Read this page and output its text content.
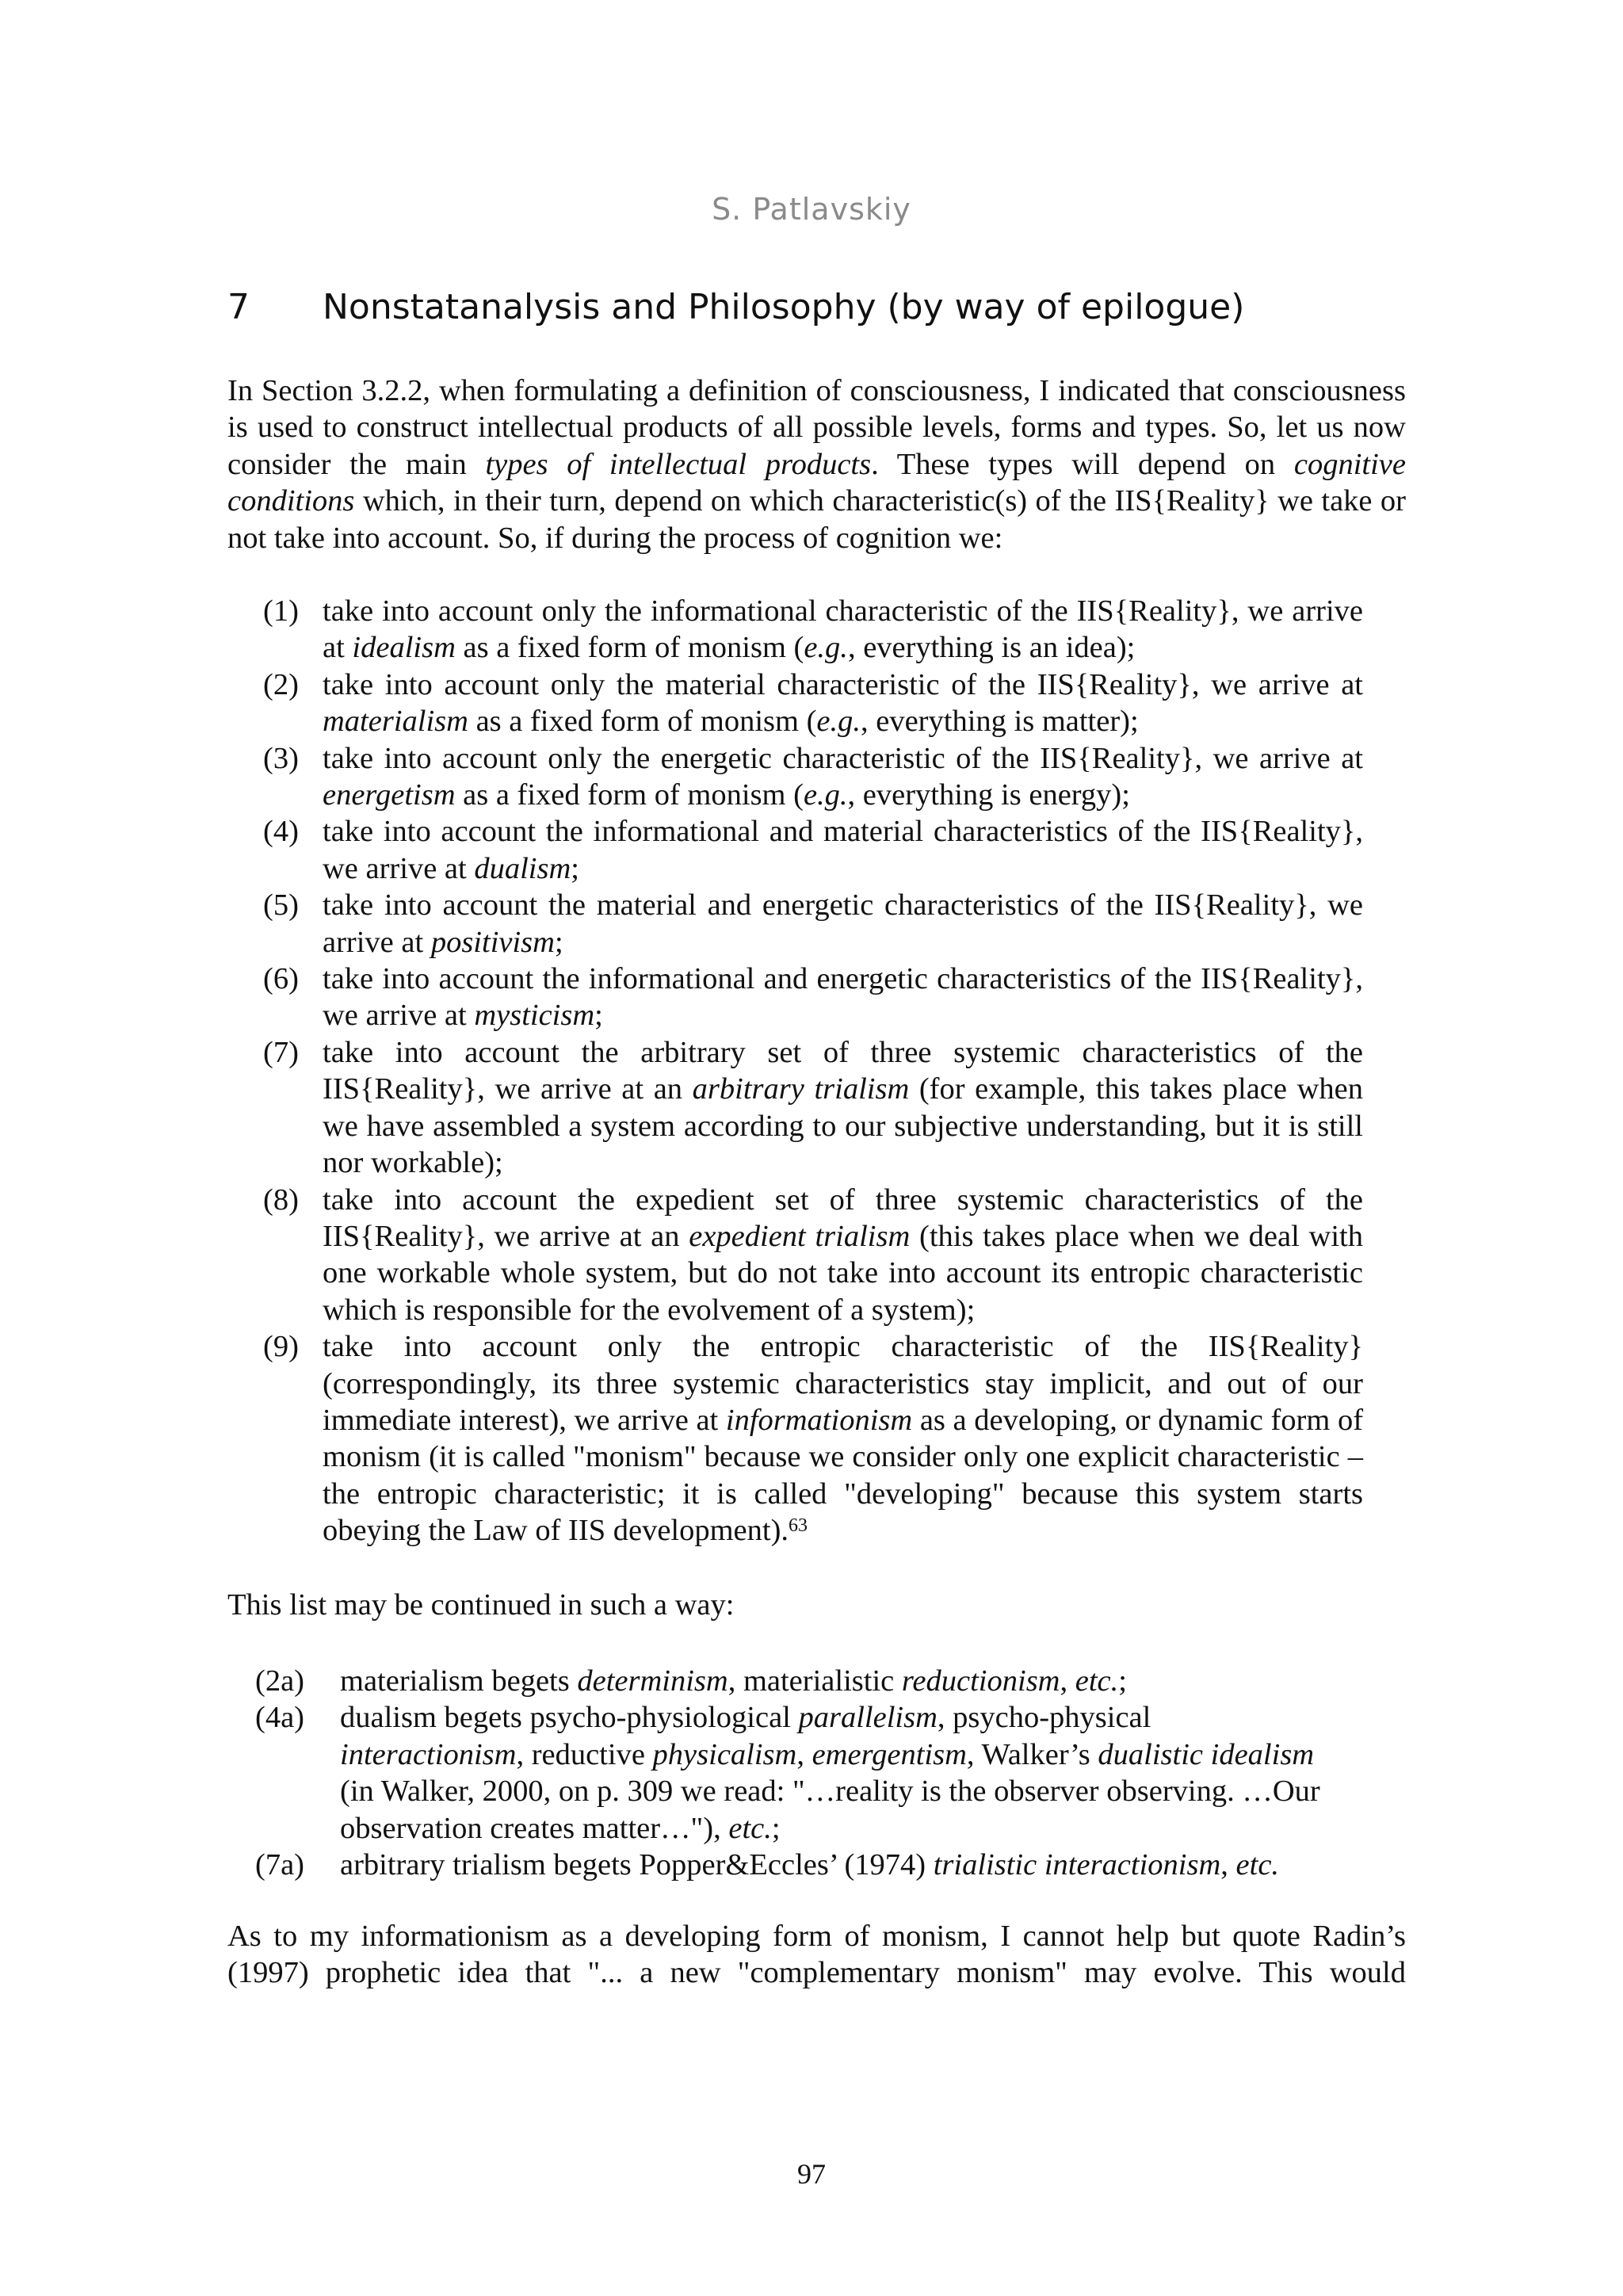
S. Patlavskiy
7 Nonstatanalysis and Philosophy (by way of epilogue)
In Section 3.2.2, when formulating a definition of consciousness, I indicated that consciousness is used to construct intellectual products of all possible levels, forms and types. So, let us now consider the main types of intellectual products. These types will depend on cognitive conditions which, in their turn, depend on which characteristic(s) of the IIS{Reality} we take or not take into account. So, if during the process of cognition we:
(1) take into account only the informational characteristic of the IIS{Reality}, we arrive at idealism as a fixed form of monism (e.g., everything is an idea);
(2) take into account only the material characteristic of the IIS{Reality}, we arrive at materialism as a fixed form of monism (e.g., everything is matter);
(3) take into account only the energetic characteristic of the IIS{Reality}, we arrive at energetism as a fixed form of monism (e.g., everything is energy);
(4) take into account the informational and material characteristics of the IIS{Reality}, we arrive at dualism;
(5) take into account the material and energetic characteristics of the IIS{Reality}, we arrive at positivism;
(6) take into account the informational and energetic characteristics of the IIS{Reality}, we arrive at mysticism;
(7) take into account the arbitrary set of three systemic characteristics of the IIS{Reality}, we arrive at an arbitrary trialism (for example, this takes place when we have assembled a system according to our subjective understanding, but it is still nor workable);
(8) take into account the expedient set of three systemic characteristics of the IIS{Reality}, we arrive at an expedient trialism (this takes place when we deal with one workable whole system, but do not take into account its entropic characteristic which is responsible for the evolvement of a system);
(9) take into account only the entropic characteristic of the IIS{Reality} (correspondingly, its three systemic characteristics stay implicit, and out of our immediate interest), we arrive at informationism as a developing, or dynamic form of monism (it is called "monism" because we consider only one explicit characteristic – the entropic characteristic; it is called "developing" because this system starts obeying the Law of IIS development).$^{63}$
This list may be continued in such a way:
(2a)	materialism begets determinism, materialistic reductionism, etc.;
(4a)	dualism begets psycho-physiological parallelism, psycho-physical interactionism, reductive physicalism, emergentism, Walker’s dualistic idealism (in Walker, 2000, on p. 309 we read: "…reality is the observer observing. …Our observation creates matter…"), etc.;
(7a)	arbitrary trialism begets Popper&Eccles’ (1974) trialistic interactionism, etc.
As to my informationism as a developing form of monism, I cannot help but quote Radin’s (1997) prophetic idea that "... a new "complementary monism" may evolve. This would
97
